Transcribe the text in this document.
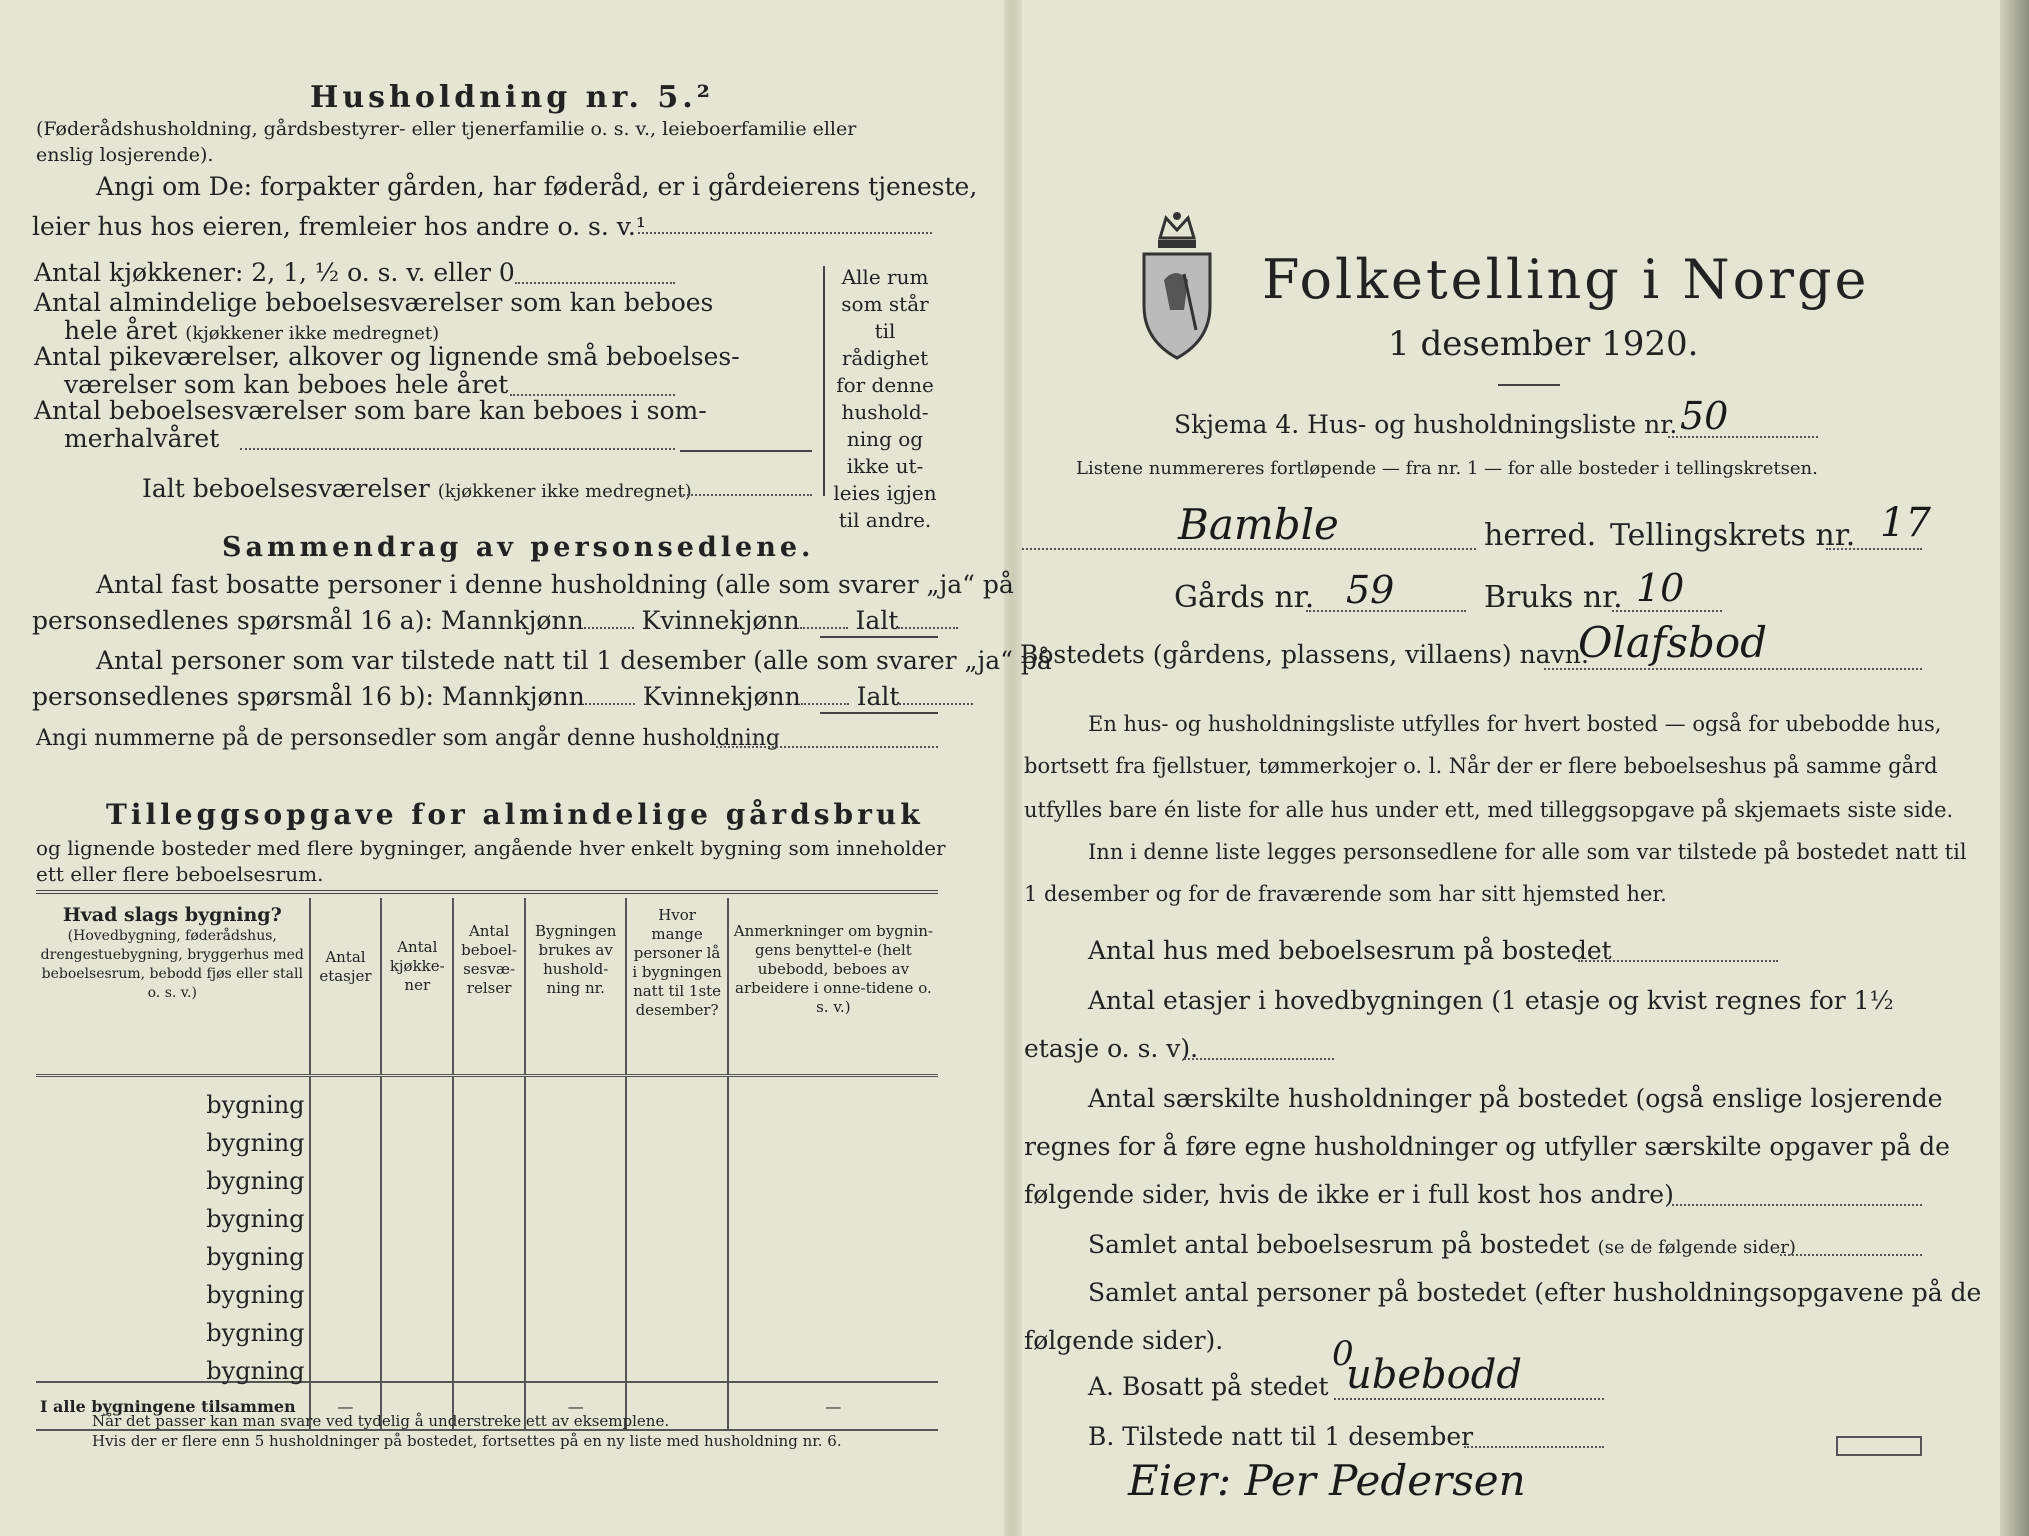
Husholdning nr. 5.²
(Føderådshusholdning, gårdsbestyrer- eller tjenerfamilie o. s. v., leieboerfamilie eller
enslig losjerende).
Angi om De: forpakter gården, har føderåd, er i gårdeierens tjeneste,
leier hus hos eieren, fremleier hos andre o. s. v.¹
Antal kjøkkener: 2, 1, ½ o. s. v. eller 0
Antal almindelige beboelsesværelser som kan beboes
hele året (kjøkkener ikke medregnet)
Antal pikeværelser, alkover og lignende små beboelses-
værelser som kan beboes hele året
Antal beboelsesværelser som bare kan beboes i som-
merhalvåret
Ialt beboelsesværelser (kjøkkener ikke medregnet)
Alle rum
som står til
rådighet
for denne
hushold-
ning og
ikke ut-
leies igjen
til andre.
Sammendrag av personsedlene.
Antal fast bosatte personer i denne husholdning (alle som svarer „ja“ på
personsedlenes spørsmål 16 a): Mannkjønn Kvinnekjønn Ialt
Antal personer som var tilstede natt til 1 desember (alle som svarer „ja“ på
personsedlenes spørsmål 16 b): Mannkjønn Kvinnekjønn Ialt
Angi nummerne på de personsedler som angår denne husholdning
Tilleggsopgave for almindelige gårdsbruk
og lignende bosteder med flere bygninger, angående hver enkelt bygning som inneholder
ett eller flere beboelsesrum.
Hvad slags bygning?
(Hovedbygning, føderådshus, drengestuebygning, bryggerhus med beboelsesrum, bebodd fjøs eller stall o. s. v.)	Antal etasjer	Antal kjøkke-ner	Antal beboel-sesvæ-relser	Bygningen brukes av hushold-ning nr.	Hvor mange personer lå i bygningen natt til 1ste desember?	Anmerkninger om bygnin-gens benyttel-e (helt ubebodd, beboes av arbeidere i onne-tidene o. s. v.)
bygning						
bygning						
bygning						
bygning						
bygning						
bygning						
bygning						
bygning						
I alle bygningene tilsammen	—			—		—
Når det passer kan man svare ved tydelig å understreke ett av eksemplene.
Hvis der er flere enn 5 husholdninger på bostedet, fortsettes på en ny liste med husholdning nr. 6.
Folketelling i Norge
1 desember 1920.
Skjema 4. Hus- og husholdningsliste nr. 50
Listene nummereres fortløpende — fra nr. 1 — for alle bosteder i tellingskretsen.
Bamble	herred. Tellingskrets nr. 17
Gårds nr. 59	Bruks nr. 10
Bostedets (gårdens, plassens, villaens) navn:
Olafsbod
En hus- og husholdningsliste utfylles for hvert bosted — også for ubebodde hus,
bortsett fra fjellstuer, tømmerkojer o. l. Når der er flere beboelseshus på samme gård
utfylles bare én liste for alle hus under ett, med tilleggsopgave på skjemaets siste side.
Inn i denne liste legges personsedlene for alle som var tilstede på bostedet natt til
1 desember og for de fraværende som har sitt hjemsted her.
Antal hus med beboelsesrum på bostedet
Antal etasjer i hovedbygningen (1 etasje og kvist regnes for 1½
etasje o. s. v).
Antal særskilte husholdninger på bostedet (også enslige losjerende
regnes for å føre egne husholdninger og utfyller særskilte opgaver på de
følgende sider, hvis de ikke er i full kost hos andre)
Samlet antal beboelsesrum på bostedet (se de følgende sider)
Samlet antal personer på bostedet (efter husholdningsopgavene på de
følgende sider).
A. Bosatt på stedet ubebodd
0
B. Tilstede natt til 1 desember
Eier: Per Pedersen
